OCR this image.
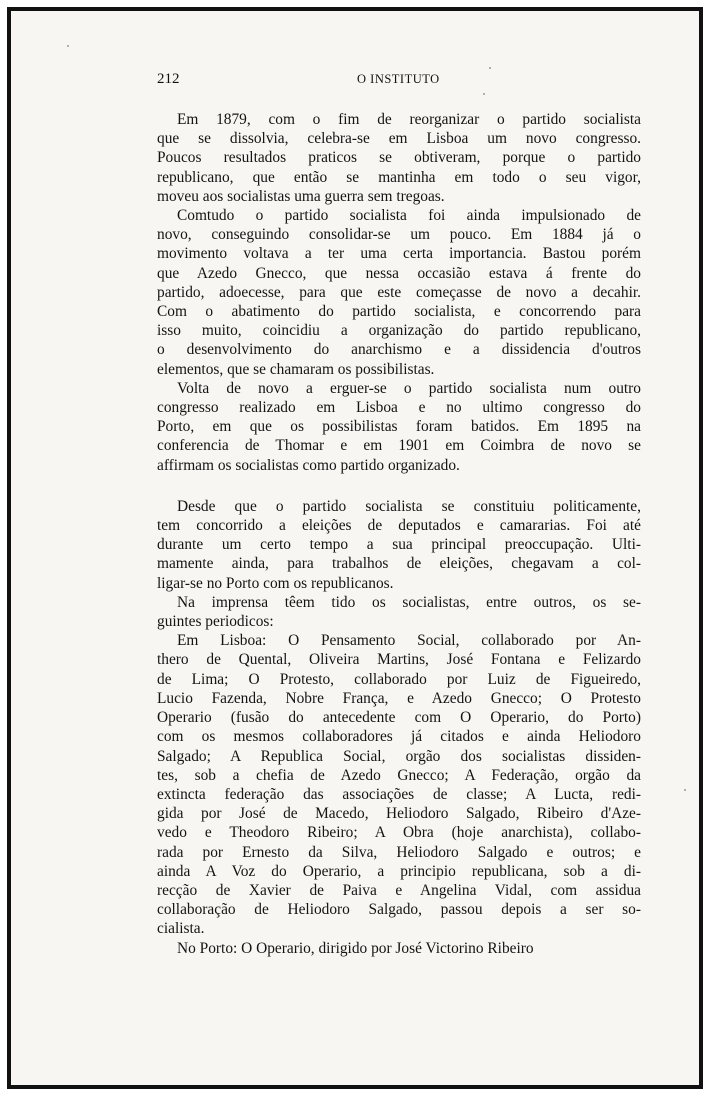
212	O INSTITUTO

Em 1879, com o fim de reorganizar o partido socialista
que se dissolvia, celebra-se em Lisboa um novo congresso.
Poucos resultados praticos se obtiveram, porque o partido
republicano, que então se mantinha em todo o seu vigor,
moveu aos socialistas uma guerra sem tregoas.

Comtudo o partido socialista foi ainda impulsionado de
novo, conseguindo consolidar-se um pouco. Em 1884 já o
movimento voltava a ter uma certa importancia. Bastou porém
que Azedo Gnecco, que nessa occasião estava á frente do
partido, adoecesse, para que este começasse de novo a decahir.
Com o abatimento do partido socialista, e concorrendo para
isso muito, coincidiu a organização do partido republicano,
o desenvolvimento do anarchismo e a dissidencia d'outros
elementos, que se chamaram os possibilistas.

Volta de novo a erguer-se o partido socialista num outro
congresso realizado em Lisboa e no ultimo congresso do
Porto, em que os possibilistas foram batidos. Em 1895 na
conferencia de Thomar e em 1901 em Coimbra de novo se
affirmam os socialistas como partido organizado.

Desde que o partido socialista se constituiu politicamente,
tem concorrido a eleições de deputados e camararias. Foi até
durante um certo tempo a sua principal preoccupação. Ulti-
mamente ainda, para trabalhos de eleições, chegavam a col-
ligar-se no Porto com os republicanos.

Na imprensa têem tido os socialistas, entre outros, os se-
guintes periodicos:

Em Lisboa: O Pensamento Social, collaborado por An-
thero de Quental, Oliveira Martins, José Fontana e Felizardo
de Lima; O Protesto, collaborado por Luiz de Figueiredo,
Lucio Fazenda, Nobre França, e Azedo Gnecco; O Protesto
Operario (fusão do antecedente com O Operario, do Porto)
com os mesmos collaboradores já citados e ainda Heliodoro
Salgado; A Republica Social, orgão dos socialistas dissiden-
tes, sob a chefia de Azedo Gnecco; A Federação, orgão da
extincta federação das associações de classe; A Lucta, redi-
gida por José de Macedo, Heliodoro Salgado, Ribeiro d'Aze-
vedo e Theodoro Ribeiro; A Obra (hoje anarchista), collabo-
rada por Ernesto da Silva, Heliodoro Salgado e outros; e
ainda A Voz do Operario, a principio republicana, sob a di-
recção de Xavier de Paiva e Angelina Vidal, com assidua
collaboração de Heliodoro Salgado, passou depois a ser so-
cialista.

No Porto: O Operario, dirigido por José Victorino Ribeiro
